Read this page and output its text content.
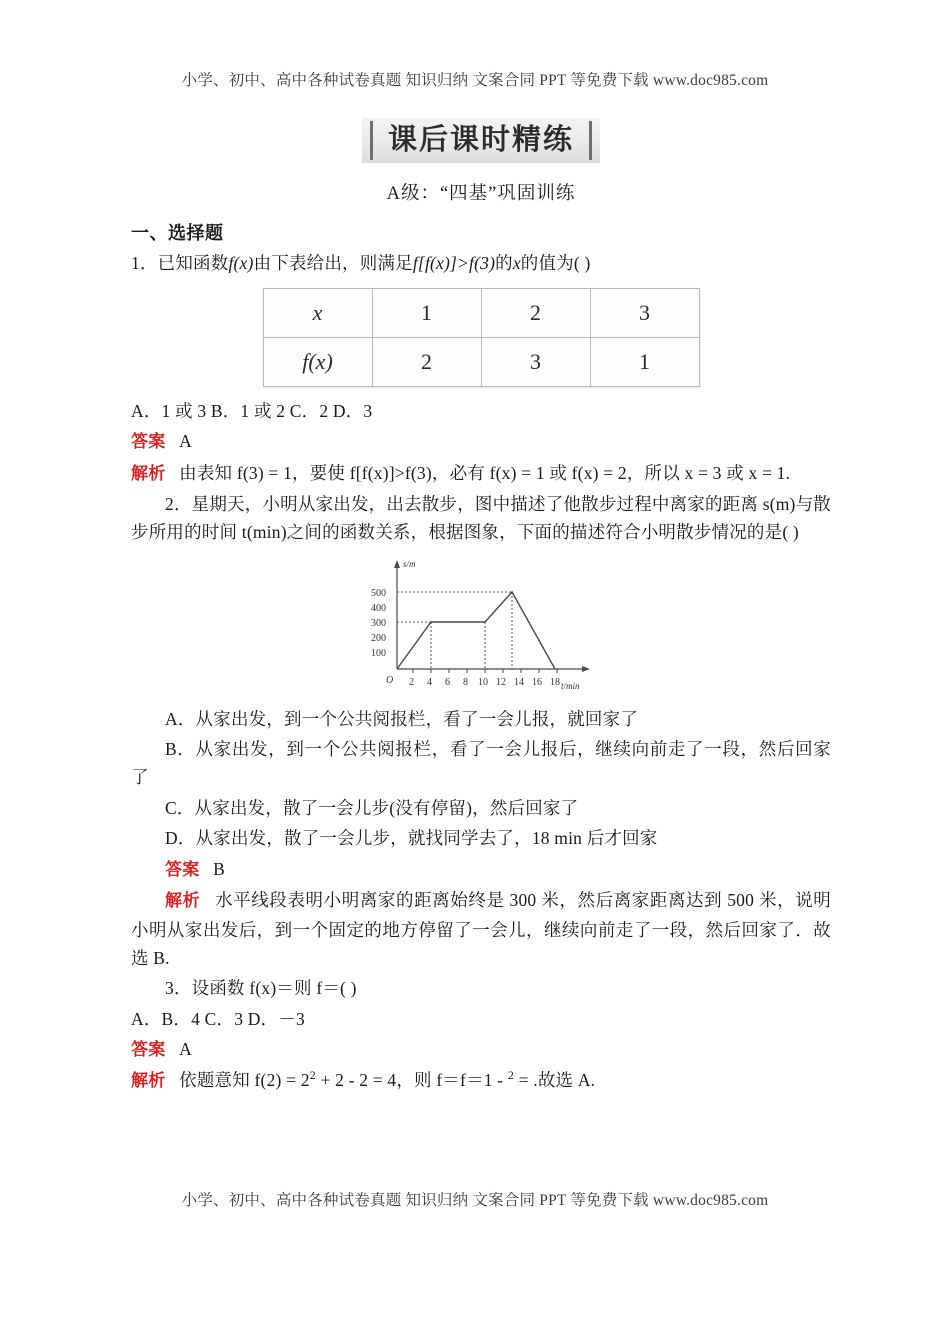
小学、初中、高中各种试卷真题 知识归纳 文案合同 PPT 等免费下载 www.doc985.com
课后课时精练
A级：“四基”巩固训练
一、选择题

1．已知函数f(x)由下表给出，则满足f[f(x)]>f(3)的x的值为( )

x	1	2	3
f(x)	2	3	1

A．1 或 3 B．1 或 2 C．2 D．3

答案 A

解析 由表知 f(3) = 1，要使 f[f(x)]>f(3)，必有 f(x) = 1 或 f(x) = 2，所以 x = 3 或 x = 1.

2．星期天，小明从家出发，出去散步，图中描述了他散步过程中离家的距离 s(m)与散步所用的时间 t(min)之间的函数关系，根据图象，下面的描述符合小明散步情况的是( )

s/m
t/min
O
100
200
300
400
500
2 4 6 8 10 12 14 16 18

A．从家出发，到一个公共阅报栏，看了一会儿报，就回家了

B．从家出发，到一个公共阅报栏，看了一会儿报后，继续向前走了一段，然后回家了

C．从家出发，散了一会儿步(没有停留)，然后回家了

D．从家出发，散了一会儿步，就找同学去了，18 min 后才回家

答案 B

解析 水平线段表明小明离家的距离始终是 300 米，然后离家距离达到 500 米，说明小明从家出发后，到一个固定的地方停留了一会儿，继续向前走了一段，然后回家了．故选 B.

3．设函数 f(x)＝则 f＝( )

A．B．4 C．3 D．－3

答案 A

解析 依题意知 $f(2) = 2^2 + 2 - 2 = 4$，则 f＝f＝1 - $^2$ = .故选 A.

小学、初中、高中各种试卷真题 知识归纳 文案合同 PPT 等免费下载 www.doc985.com
